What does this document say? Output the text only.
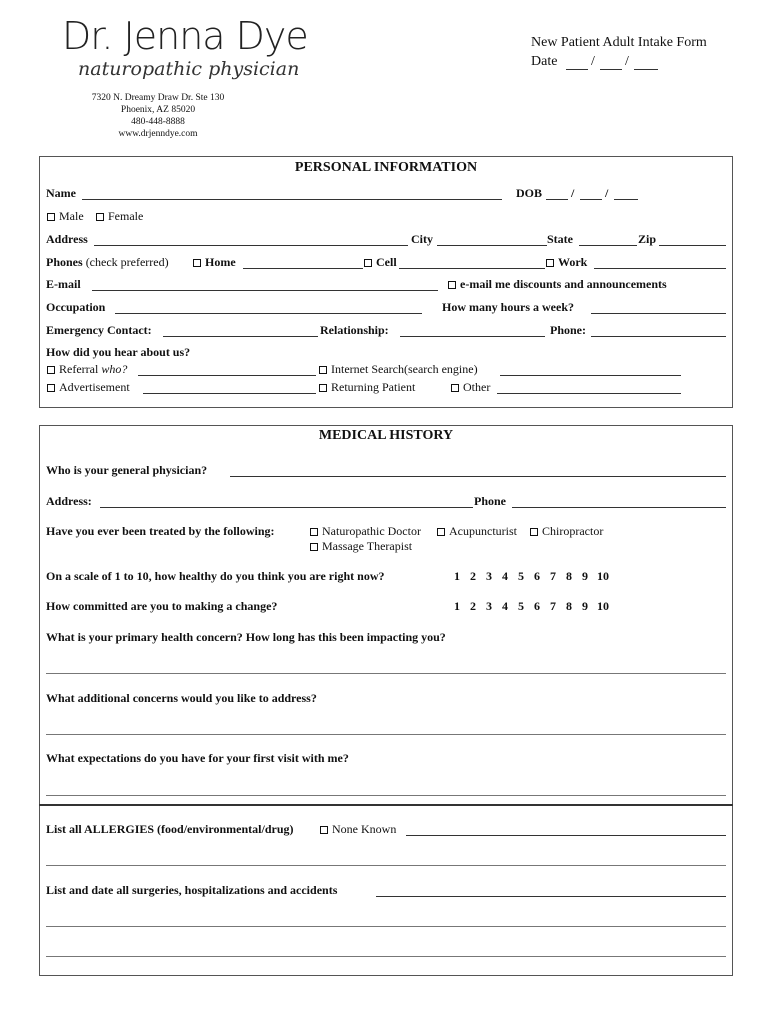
Dr. Jenna Dye
naturopathic physician
7320 N. Dreamy Draw Dr. Ste 130
Phoenix, AZ 85020
480-448-8888
www.drjenndye.com
New Patient Adult Intake Form
Date / /
PERSONAL INFORMATION
Name	DOB /	/
Male	Female
Address	City	State	Zip
Phones (check preferred)	Home	Cell	Work
E-mail	e-mail me discounts and announcements
Occupation	How many hours a week?
Emergency Contact:	Relationship:	Phone:
How did you hear about us?
Referral who?	Internet Search(search engine)
Advertisement	Returning Patient	Other
MEDICAL HISTORY
Who is your general physician?
Address:	Phone
Have you ever been treated by the following:	Naturopathic Doctor	Acupuncturist	Chiropractor
Massage Therapist
On a scale of 1 to 10, how healthy do you think you are right now?	1 2 3 4 5 6 7 8 9 10
How committed are you to making a change?	1 2 3 4 5 6 7 8 9 10
What is your primary health concern? How long has this been impacting you?
What additional concerns would you like to address?
What expectations do you have for your first visit with me?
List all ALLERGIES (food/environmental/drug)	None Known
List and date all surgeries, hospitalizations and accidents
